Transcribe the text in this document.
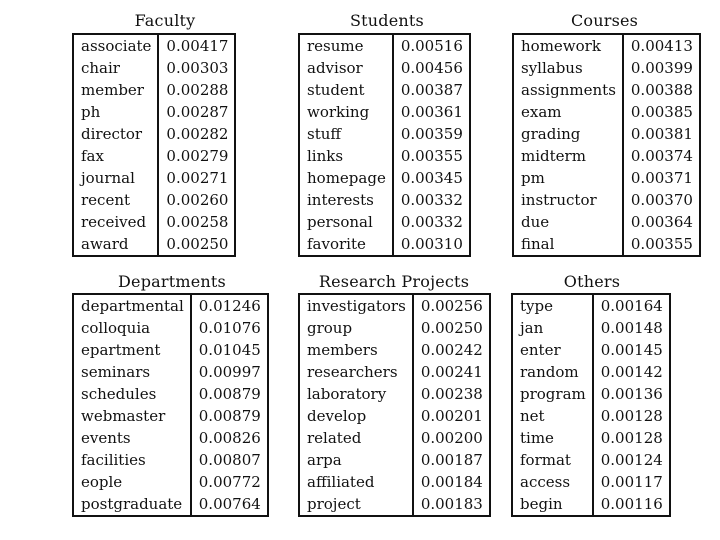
Faculty
associate	0.00417
chair	0.00303
member	0.00288
ph	0.00287
director	0.00282
fax	0.00279
journal	0.00271
recent	0.00260
received	0.00258
award	0.00250
Students
resume	0.00516
advisor	0.00456
student	0.00387
working	0.00361
stuff	0.00359
links	0.00355
homepage	0.00345
interests	0.00332
personal	0.00332
favorite	0.00310
Courses
homework	0.00413
syllabus	0.00399
assignments	0.00388
exam	0.00385
grading	0.00381
midterm	0.00374
pm	0.00371
instructor	0.00370
due	0.00364
final	0.00355
Departments
departmental	0.01246
colloquia	0.01076
epartment	0.01045
seminars	0.00997
schedules	0.00879
webmaster	0.00879
events	0.00826
facilities	0.00807
eople	0.00772
postgraduate	0.00764
Research Projects
investigators	0.00256
group	0.00250
members	0.00242
researchers	0.00241
laboratory	0.00238
develop	0.00201
related	0.00200
arpa	0.00187
affiliated	0.00184
project	0.00183
Others
type	0.00164
jan	0.00148
enter	0.00145
random	0.00142
program	0.00136
net	0.00128
time	0.00128
format	0.00124
access	0.00117
begin	0.00116
